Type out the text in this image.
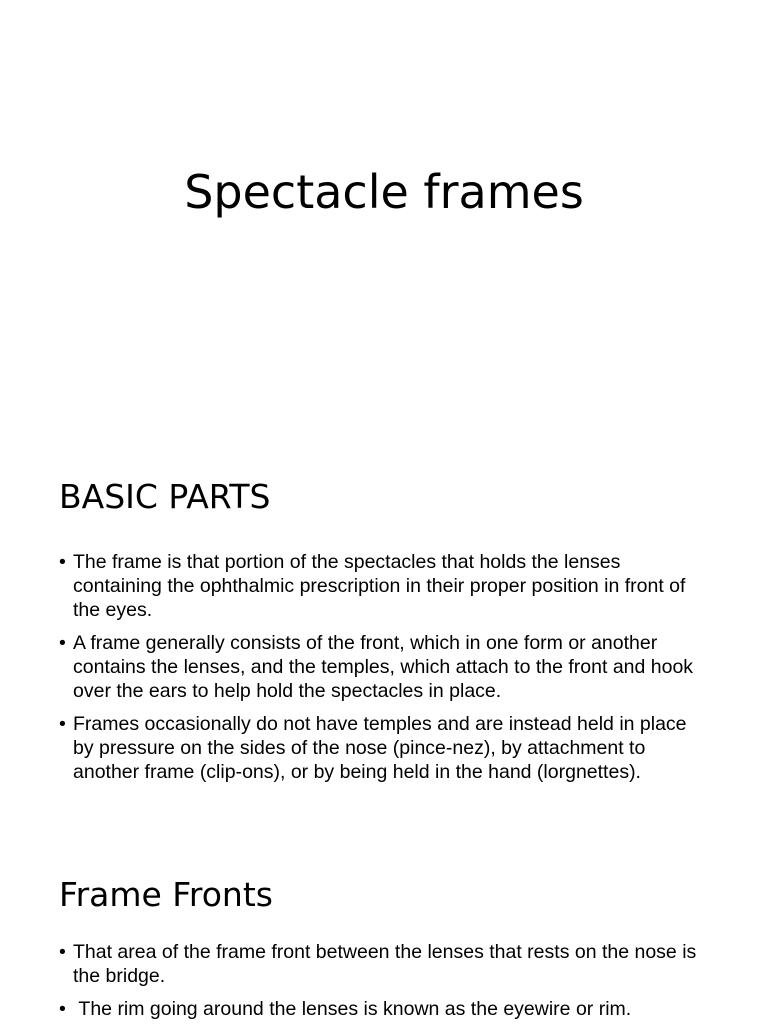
Spectacle frames
BASIC PARTS
• The frame is that portion of the spectacles that holds the lenses containing the ophthalmic prescription in their proper position in front of the eyes.
• A frame generally consists of the front, which in one form or another contains the lenses, and the temples, which attach to the front and hook over the ears to help hold the spectacles in place.
• Frames occasionally do not have temples and are instead held in place by pressure on the sides of the nose (pince-nez), by attachment to another frame (clip-ons), or by being held in the hand (lorgnettes).
Frame Fronts
• That area of the frame front between the lenses that rests on the nose is the bridge.
• The rim going around the lenses is known as the eyewire or rim.
